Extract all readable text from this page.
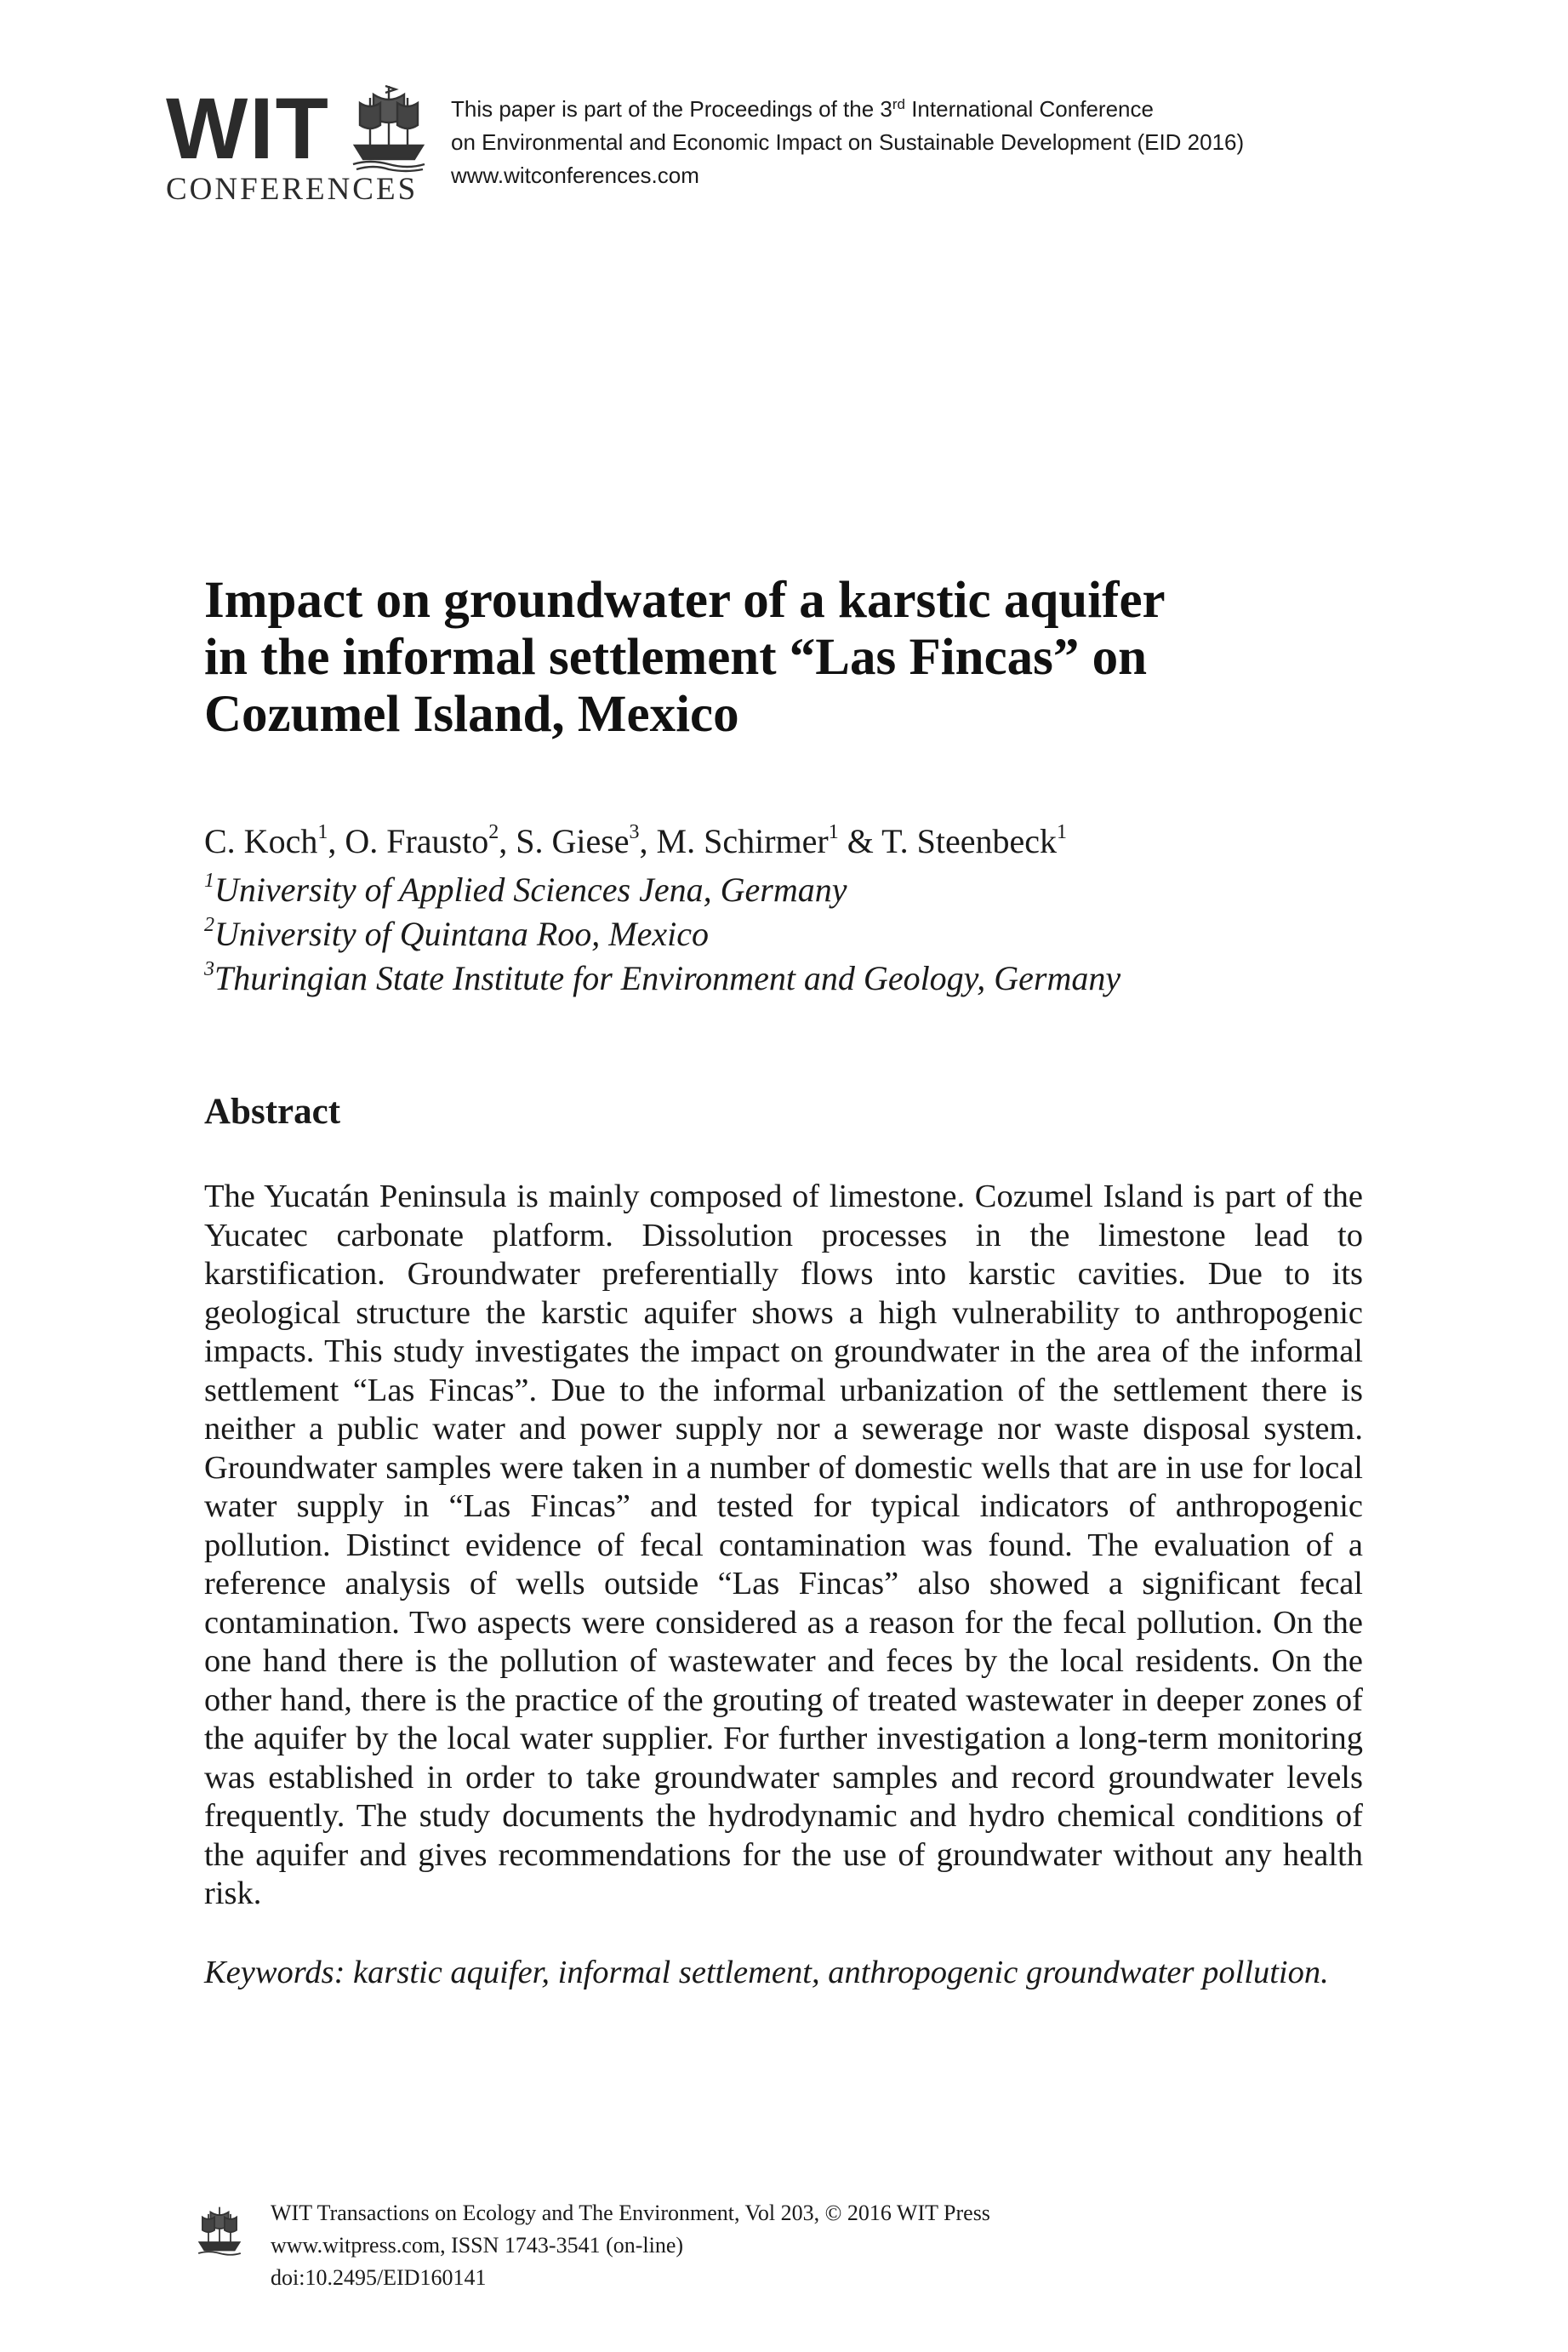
WIT
CONFERENCES
This paper is part of the Proceedings of the 3rd International Conference
on Environmental and Economic Impact on Sustainable Development (EID 2016)
www.witconferences.com
Impact on groundwater of a karstic aquifer
in the informal settlement “Las Fincas” on
Cozumel Island, Mexico
C. Koch$^1$, O. Frausto$^2$, S. Giese$^3$, M. Schirmer$^1$ & T. Steenbeck$^1$
$^1$University of Applied Sciences Jena, Germany
$^2$University of Quintana Roo, Mexico
$^3$Thuringian State Institute for Environment and Geology, Germany
Abstract

The Yucatán Peninsula is mainly composed of limestone. Cozumel Island is part of the Yucatec carbonate platform. Dissolution processes in the limestone lead to karstification. Groundwater preferentially flows into karstic cavities. Due to its geological structure the karstic aquifer shows a high vulnerability to anthropogenic impacts. This study investigates the impact on groundwater in the area of the informal settlement “Las Fincas”. Due to the informal urbanization of the settlement there is neither a public water and power supply nor a sewerage nor waste disposal system. Groundwater samples were taken in a number of domestic wells that are in use for local water supply in “Las Fincas” and tested for typical indicators of anthropogenic pollution. Distinct evidence of fecal contamination was found. The evaluation of a reference analysis of wells outside “Las Fincas” also showed a significant fecal contamination. Two aspects were considered as a reason for the fecal pollution. On the one hand there is the pollution of wastewater and feces by the local residents. On the other hand, there is the practice of the grouting of treated wastewater in deeper zones of the aquifer by the local water supplier. For further investigation a long-term monitoring was established in order to take groundwater samples and record groundwater levels frequently. The study documents the hydrodynamic and hydro chemical conditions of the aquifer and gives recommendations for the use of groundwater without any health risk.

Keywords: karstic aquifer, informal settlement, anthropogenic groundwater pollution.

WIT Transactions on Ecology and The Environment, Vol 203, © 2016 WIT Press
www.witpress.com, ISSN 1743-3541 (on-line)
doi:10.2495/EID160141
